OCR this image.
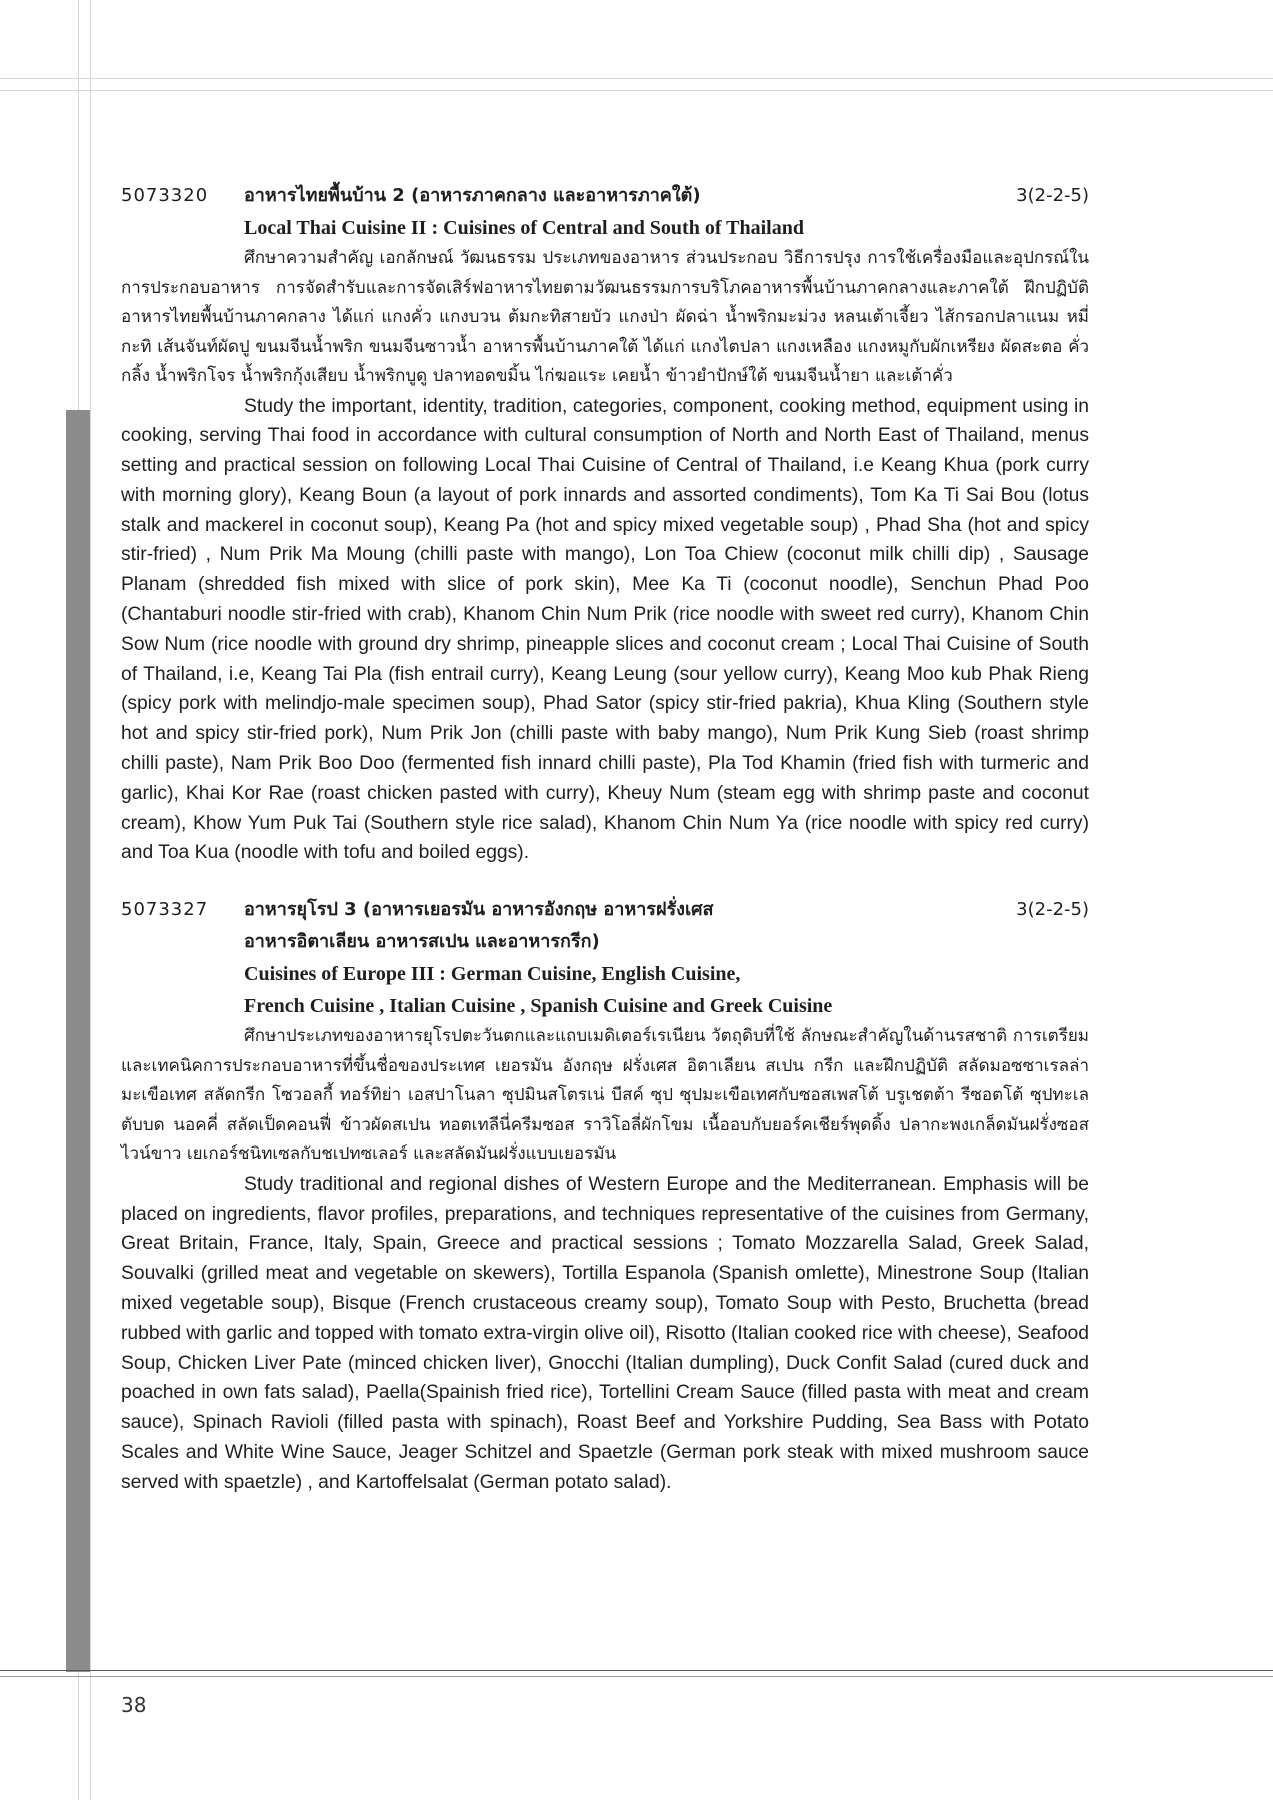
5073320	อาหารไทยพื้นบ้าน 2 (อาหารภาคกลาง และอาหารภาคใต้)	3(2-2-5)
Local Thai Cuisine II : Cuisines of Central and South of Thailand

ศึกษาความสำคัญ เอกลักษณ์ วัฒนธรรม ประเภทของอาหาร ส่วนประกอบ วิธีการปรุง การใช้เครื่องมือและอุปกรณ์ในการประกอบอาหาร การจัดสำรับและการจัดเสิร์ฟอาหารไทยตามวัฒนธรรมการบริโภคอาหารพื้นบ้านภาคกลางและภาคใต้ ฝึกปฏิบัติอาหารไทยพื้นบ้านภาคกลาง ได้แก่ แกงคั่ว แกงบวน ต้มกะทิสายบัว แกงป่า ผัดฉ่า น้ำพริกมะม่วง หลนเต้าเจี้ยว ไส้กรอกปลาแนม หมี่กะทิ เส้นจันท์ผัดปู ขนมจีนน้ำพริก ขนมจีนซาวน้ำ อาหารพื้นบ้านภาคใต้ ได้แก่ แกงไตปลา แกงเหลือง แกงหมูกับผักเหรียง ผัดสะตอ คั่วกลิ้ง น้ำพริกโจร น้ำพริกกุ้งเสียบ น้ำพริกบูดู ปลาทอดขมิ้น ไก่ฆอแระ เคยน้ำ ข้าวยำปักษ์ใต้ ขนมจีนน้ำยา และเต้าคั่ว

Study the important, identity, tradition, categories, component, cooking method, equipment using in cooking, serving Thai food in accordance with cultural consumption of North and North East of Thailand, menus setting and practical session on following Local Thai Cuisine of Central of Thailand, i.e Keang Khua (pork curry with morning glory), Keang Boun (a layout of pork innards and assorted condiments), Tom Ka Ti Sai Bou (lotus stalk and mackerel in coconut soup), Keang Pa (hot and spicy mixed vegetable soup) , Phad Sha (hot and spicy stir-fried) , Num Prik Ma Moung (chilli paste with mango), Lon Toa Chiew (coconut milk chilli dip) , Sausage Planam (shredded fish mixed with slice of pork skin), Mee Ka Ti (coconut noodle), Senchun Phad Poo (Chantaburi noodle stir-fried with crab), Khanom Chin Num Prik (rice noodle with sweet red curry), Khanom Chin Sow Num (rice noodle with ground dry shrimp, pineapple slices and coconut cream ; Local Thai Cuisine of South of Thailand, i.e, Keang Tai Pla (fish entrail curry), Keang Leung (sour yellow curry), Keang Moo kub Phak Rieng (spicy pork with melindjo-male specimen soup), Phad Sator (spicy stir-fried pakria), Khua Kling (Southern style hot and spicy stir-fried pork), Num Prik Jon (chilli paste with baby mango), Num Prik Kung Sieb (roast shrimp chilli paste), Nam Prik Boo Doo (fermented fish innard chilli paste), Pla Tod Khamin (fried fish with turmeric and garlic), Khai Kor Rae (roast chicken pasted with curry), Kheuy Num (steam egg with shrimp paste and coconut cream), Khow Yum Puk Tai (Southern style rice salad), Khanom Chin Num Ya (rice noodle with spicy red curry) and Toa Kua (noodle with tofu and boiled eggs).

5073327	อาหารยุโรป 3 (อาหารเยอรมัน อาหารอังกฤษ อาหารฝรั่งเศส	3(2-2-5)
อาหารอิตาเลียน อาหารสเปน และอาหารกรีก)
Cuisines of Europe III : German Cuisine, English Cuisine,
French Cuisine , Italian Cuisine , Spanish Cuisine and Greek Cuisine

ศึกษาประเภทของอาหารยุโรปตะวันตกและแถบเมดิเตอร์เรเนียน วัตถุดิบที่ใช้ ลักษณะสำคัญในด้านรสชาติ การเตรียม และเทคนิคการประกอบอาหารที่ขึ้นชื่อของประเทศ เยอรมัน อังกฤษ ฝรั่งเศส อิตาเลียน สเปน กรีก และฝึกปฏิบัติ สลัดมอซซาเรลล่ามะเขือเทศ สลัดกรีก โซวอลกี้ ทอร์ทิย่า เอสปาโนลา ซุปมินสโตรเน่ บีสค์ ซุป ซุปมะเขือเทศกับซอสเพสโต้ บรูเชตต้า รีซอตโต้ ซุปทะเล ตับบด นอคคี่ สลัดเป็ดคอนฟี่ ข้าวผัดสเปน ทอตเทลีนี่ครีมซอส ราวิโอลี่ผักโขม เนื้ออบกับยอร์คเชียร์พุดดิ้ง ปลากะพงเกล็ดมันฝรั่งซอสไวน์ขาว เยเกอร์ชนิทเซลกับชเปทซเลอร์ และสลัดมันฝรั่งแบบเยอรมัน

Study traditional and regional dishes of Western Europe and the Mediterranean. Emphasis will be placed on ingredients, flavor profiles, preparations, and techniques representative of the cuisines from Germany, Great Britain, France, Italy, Spain, Greece and practical sessions ; Tomato Mozzarella Salad, Greek Salad, Souvalki (grilled meat and vegetable on skewers), Tortilla Espanola (Spanish omlette), Minestrone Soup (Italian mixed vegetable soup), Bisque (French crustaceous creamy soup), Tomato Soup with Pesto, Bruchetta (bread rubbed with garlic and topped with tomato extra-virgin olive oil), Risotto (Italian cooked rice with cheese), Seafood Soup, Chicken Liver Pate (minced chicken liver), Gnocchi (Italian dumpling), Duck Confit Salad (cured duck and poached in own fats salad), Paella(Spainish fried rice), Tortellini Cream Sauce (filled pasta with meat and cream sauce), Spinach Ravioli (filled pasta with spinach), Roast Beef and Yorkshire Pudding, Sea Bass with Potato Scales and White Wine Sauce, Jeager Schitzel and Spaetzle (German pork steak with mixed mushroom sauce served with spaetzle) , and Kartoffelsalat (German potato salad).

38
